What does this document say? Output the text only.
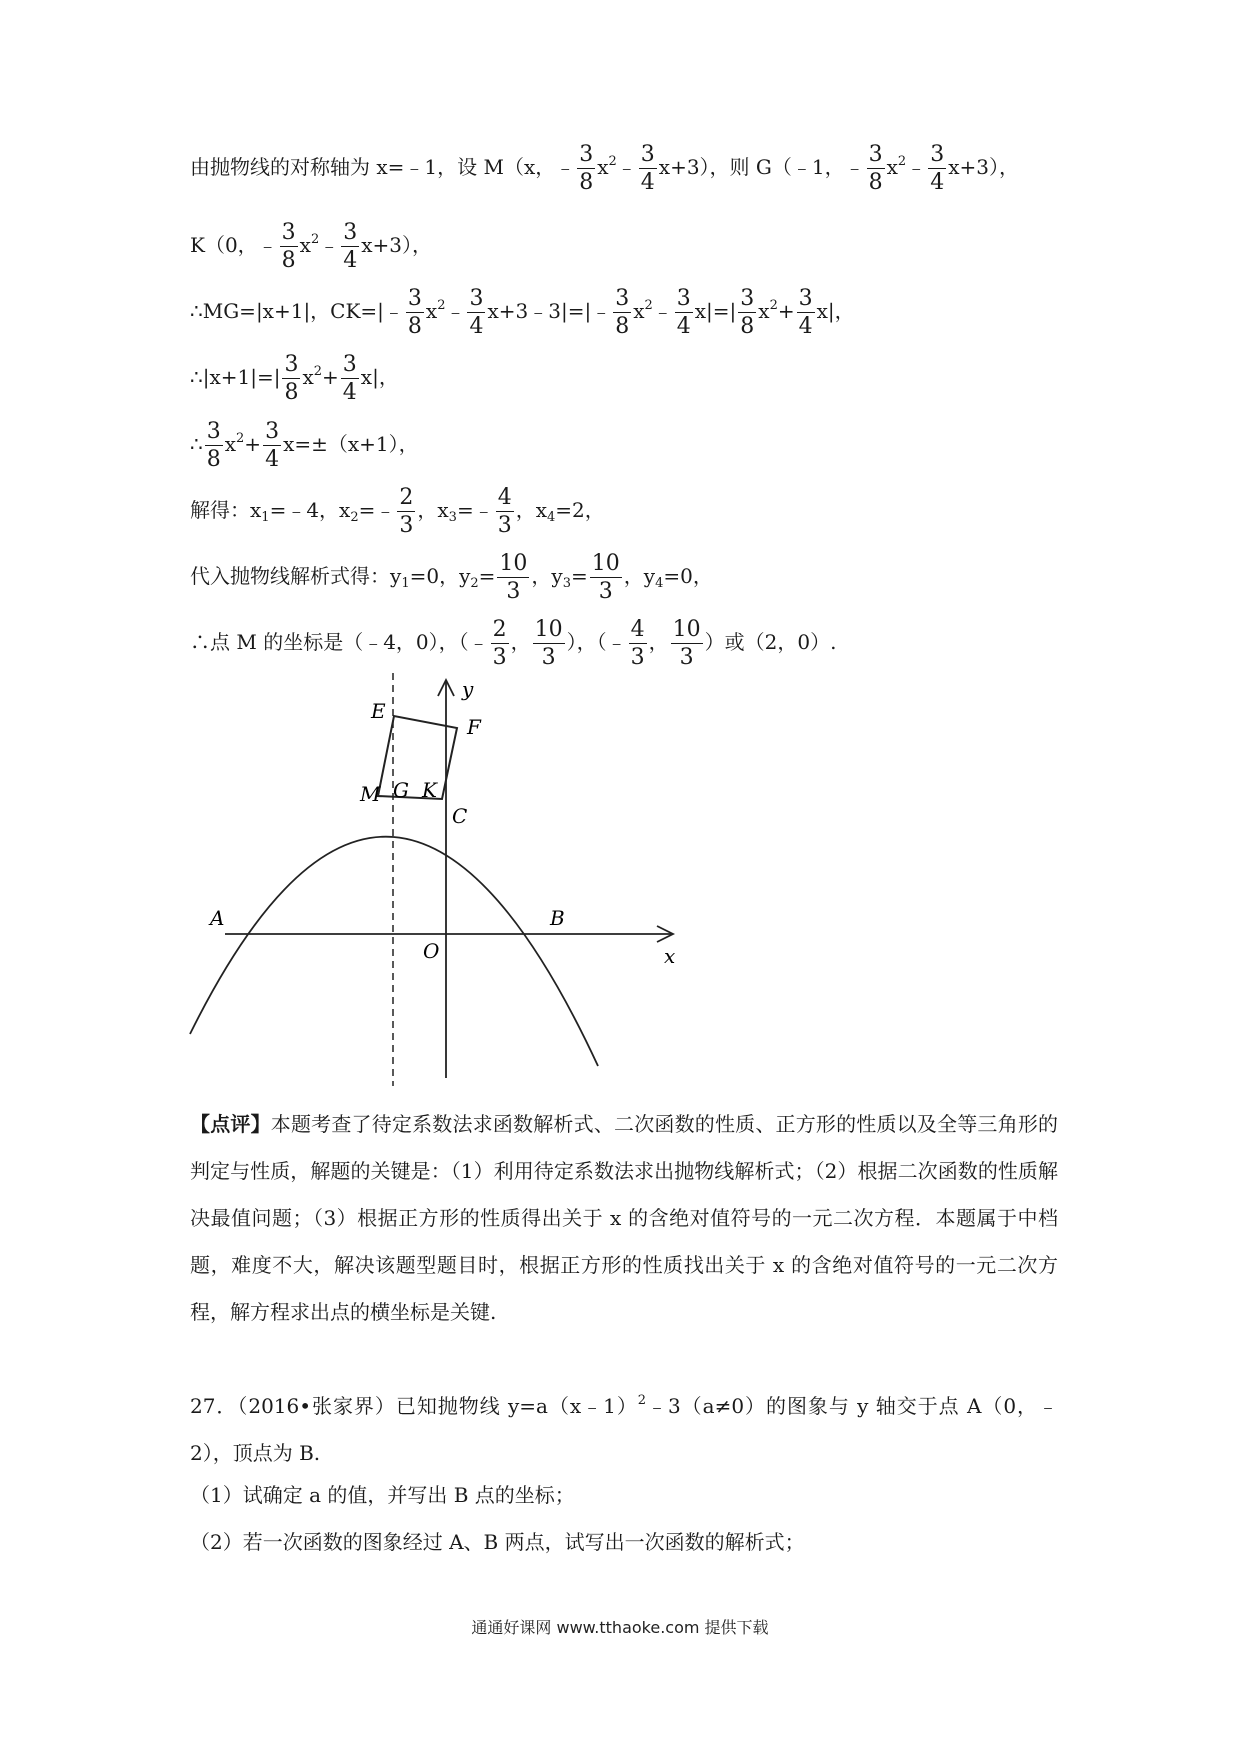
由抛物线的对称轴为 x=﹣1，设 M（x，﹣ $\frac{3}{8}$ $x^2﹣ \frac{3}{4} x+3$），则 G（﹣1，﹣ $\frac{3}{8}$ $x^2﹣ \frac{3}{4} x+3$），
K（0，﹣ $\frac{3}{8}$ $x^2﹣ \frac{3}{4} x+3$），
∴MG=|x+1|，CK=|﹣ $\frac{3}{8}$ $x^2﹣ \frac{3}{4}$ x+3﹣3|=|﹣ $\frac{3}{8}$ $x^2﹣ \frac{3}{4} x|=| \frac{3}{8} x^2+ \frac{3}{4} x|$，
∴|x+1|=| $\frac{3}{8} x^2+ \frac{3}{4} x|$，
∴ $\frac{3}{8} x^2+ \frac{3}{4} x=\pm(x+1)$，
解得：$x_1=﹣4$，$x_2=﹣ \frac{2}{3}$ ，$x_3=﹣ \frac{4}{3}$ ，$x_4=2$，
代入抛物线解析式得：$y_1=0$，$y_2= \frac{10}{3}$ ，$y_3= \frac{10}{3}$ ，$y_4=0$，
∴点 M 的坐标是（﹣4，0），（﹣ $\frac{2}{3}$ ， $\frac{10}{3}$ ），（﹣ $\frac{4}{3}$ ， $\frac{10}{3}$ ）或（2，0）.
y
x
E
F
M G K
C
A	B
O
【点评】本题考查了待定系数法求函数解析式、二次函数的性质、正方形的性质以及全等三角形的判定与性质，解题的关键是：（1）利用待定系数法求出抛物线解析式；（2）根据二次函数的性质解决最值问题；（3）根据正方形的性质得出关于 x 的含绝对值符号的一元二次方程．本题属于中档题，难度不大，解决该题型题目时，根据正方形的性质找出关于 x 的含绝对值符号的一元二次方程，解方程求出点的横坐标是关键.
27．（2016•张家界）已知抛物线 y=a（x﹣1）$^2$﹣3（a≠0）的图象与 y 轴交于点 A（0，﹣2），顶点为 B.
（1）试确定 a 的值，并写出 B 点的坐标；
（2）若一次函数的图象经过 A、B 两点，试写出一次函数的解析式；
通通好课网 www.tthaoke.com 提供下载
